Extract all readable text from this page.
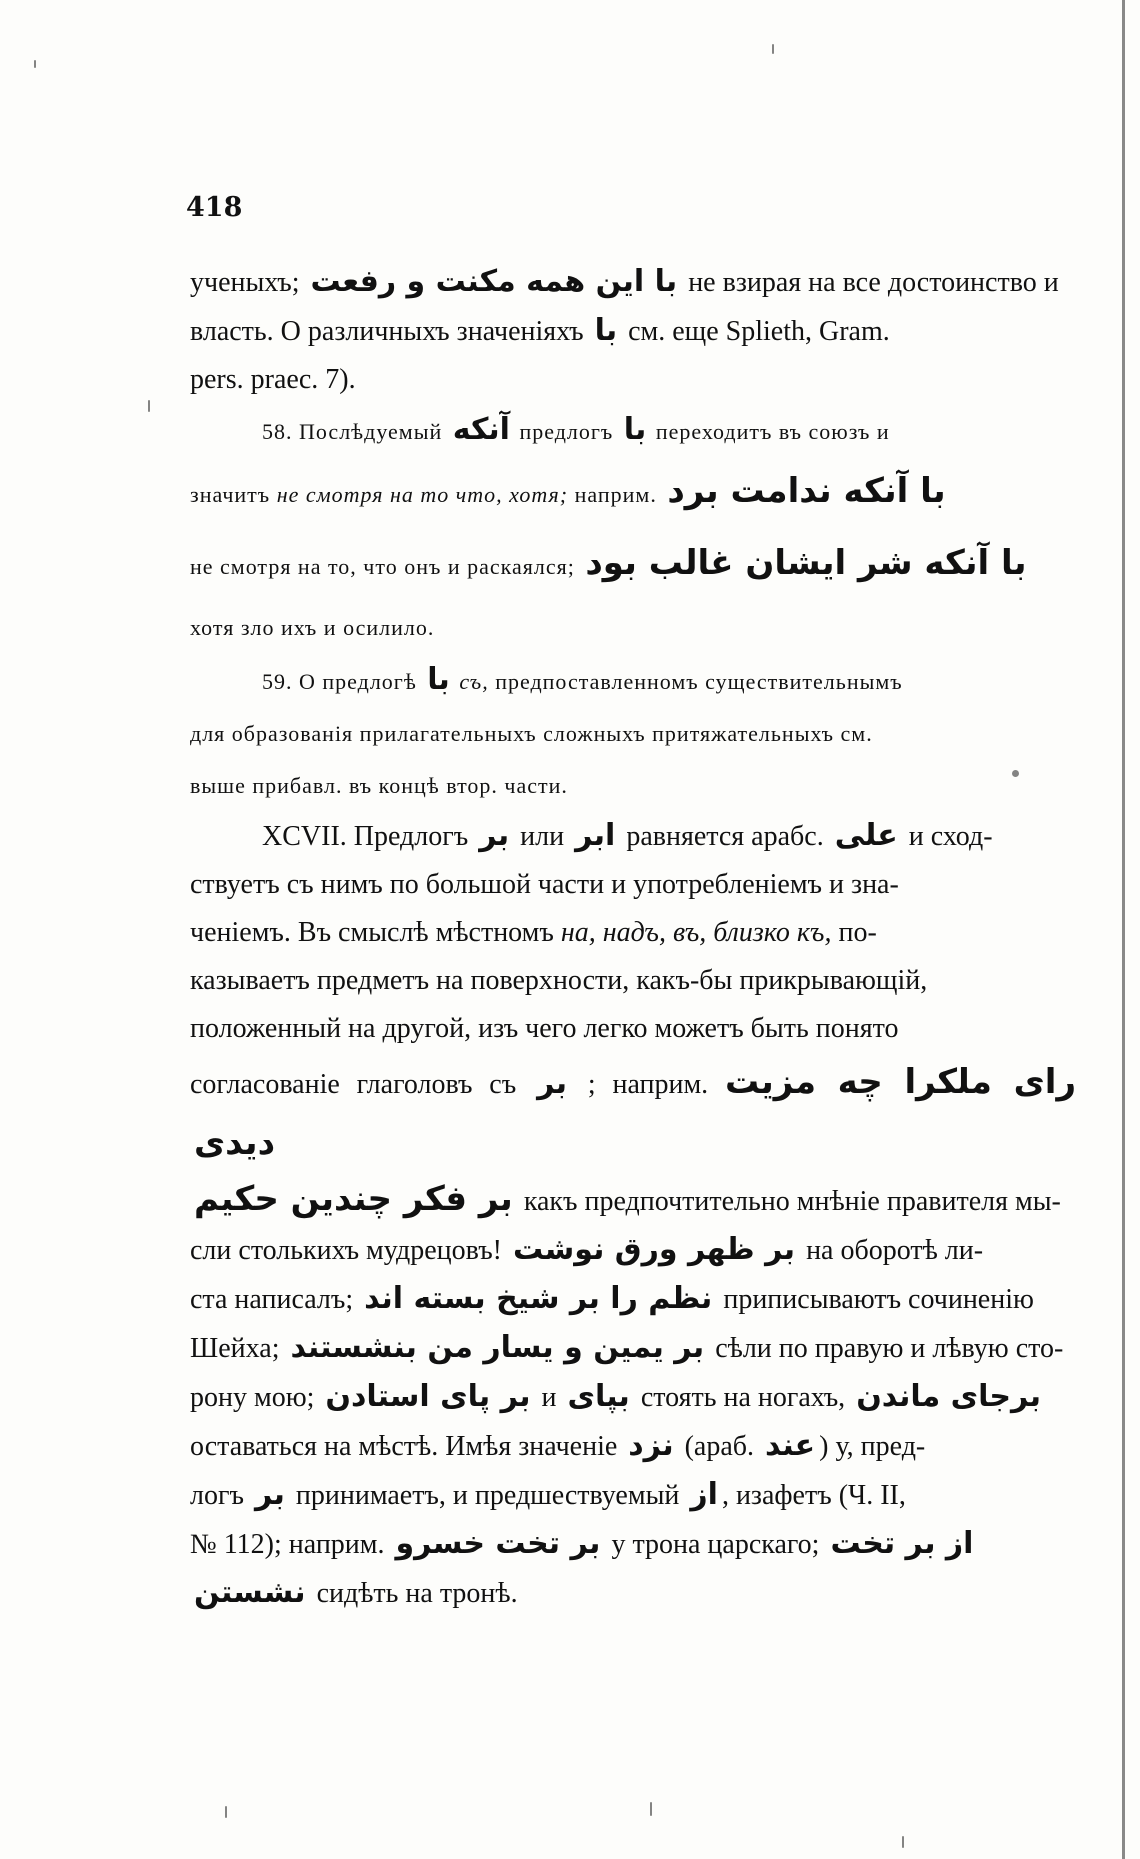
418

ученыхъ; با این همه مکنت و رفعت не взирая на все достоинство и

власть. О различныхъ значеніяхъ با см. еще Splieth, Gram.

pers. praec. 7).

58. Послѣдуемый آنکه предлогъ با переходитъ въ союзъ и

значитъ не смотря на то что, хотя; наприм. با آنکه ندامت برد

не смотря на то, что онъ и раскаялся; با آنکه شر ایشان غالب بود

хотя зло ихъ и осилило.

59. О предлогѣ با съ, предпоставленномъ существительнымъ

для образованія прилагательныхъ сложныхъ притяжательныхъ см.

выше прибавл. въ концѣ втор. части.

XCVII. Предлогъ بر или ابر равняется арабс. علی и сход-

ствуетъ съ нимъ по большой части и употребленіемъ и зна-

ченіемъ. Въ смыслѣ мѣстномъ на, надъ, въ, близко къ, по-

казываетъ предметъ на поверхности, какъ-бы прикрывающій,

положенный на другой, изъ чего легко можетъ быть понято

согласованіе глаголовъ съ بر ; наприм. رای ملکرا چه مزیت دیدی

بر فکر چندین حکیم какъ предпочтительно мнѣніе правителя мы-

сли столькихъ мудрецовъ! بر ظهر ورق نوشت на оборотѣ ли-

ста написалъ; نظم را بر شیخ بسته اند приписываютъ сочиненію

Шейха; بر یمین و یسار من بنشستند сѣли по правую и лѣвую сто-

рону мою; بر پای استادن и بپای стоять на ногахъ, برجای ماندن

оставаться на мѣстѣ. Имѣя значеніе نزد (араб. عند ) у, пред-

логъ بر принимаетъ, и предшествуемый از , изафетъ (Ч. II,

№ 112); наприм. بر تخت خسرو у трона царскаго; از بر تخت

نشستن сидѣть на тронѣ.
